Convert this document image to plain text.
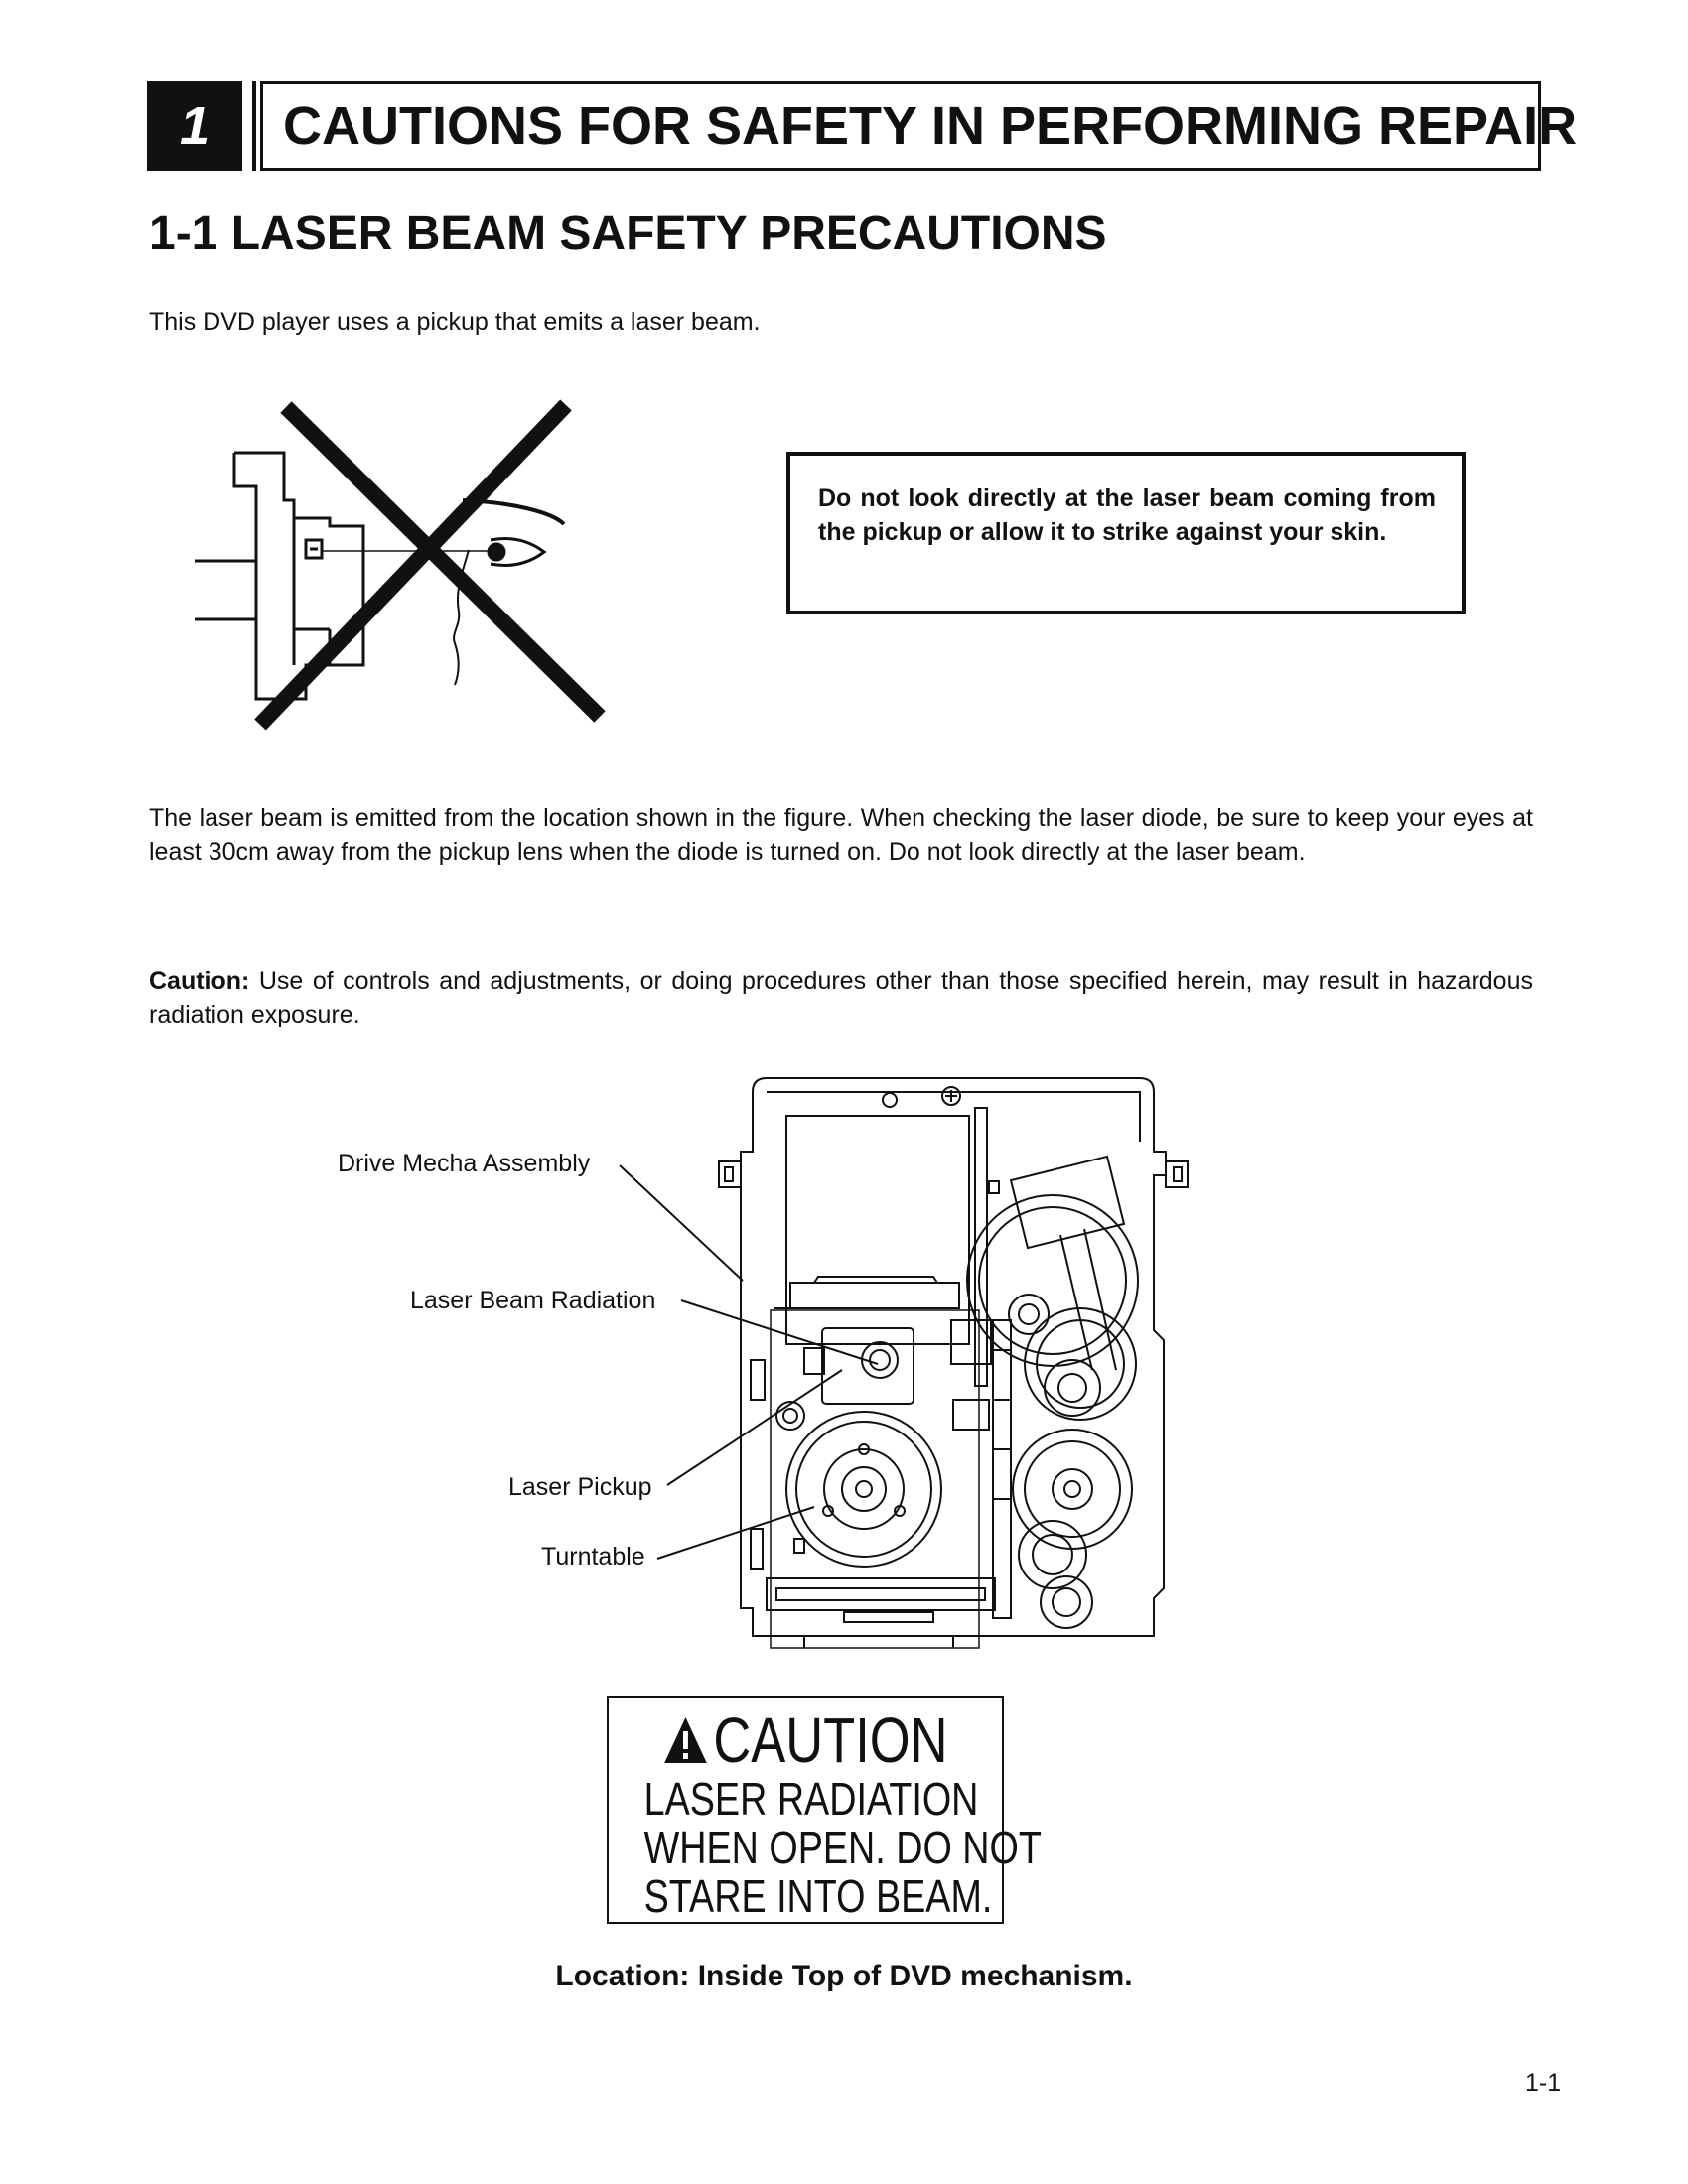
1	CAUTIONS FOR SAFETY IN PERFORMING REPAIR
1-1 LASER BEAM SAFETY PRECAUTIONS
This DVD player uses a pickup that emits a laser beam.
Do not look directly at the laser beam coming from the pickup or allow it to strike against your skin.
The laser beam is emitted from the location shown in the figure. When checking the laser diode, be sure to keep your eyes at least 30cm away from the pickup lens when the diode is turned on. Do not look directly at the laser beam.
Caution: Use of controls and adjustments, or doing procedures other than those specified herein, may result in hazardous radiation exposure.
Drive Mecha Assembly
Laser Beam Radiation
Laser Pickup
Turntable
CAUTION
LASER RADIATION
WHEN OPEN. DO NOT
STARE INTO BEAM.
Location: Inside Top of DVD mechanism.
1-1
